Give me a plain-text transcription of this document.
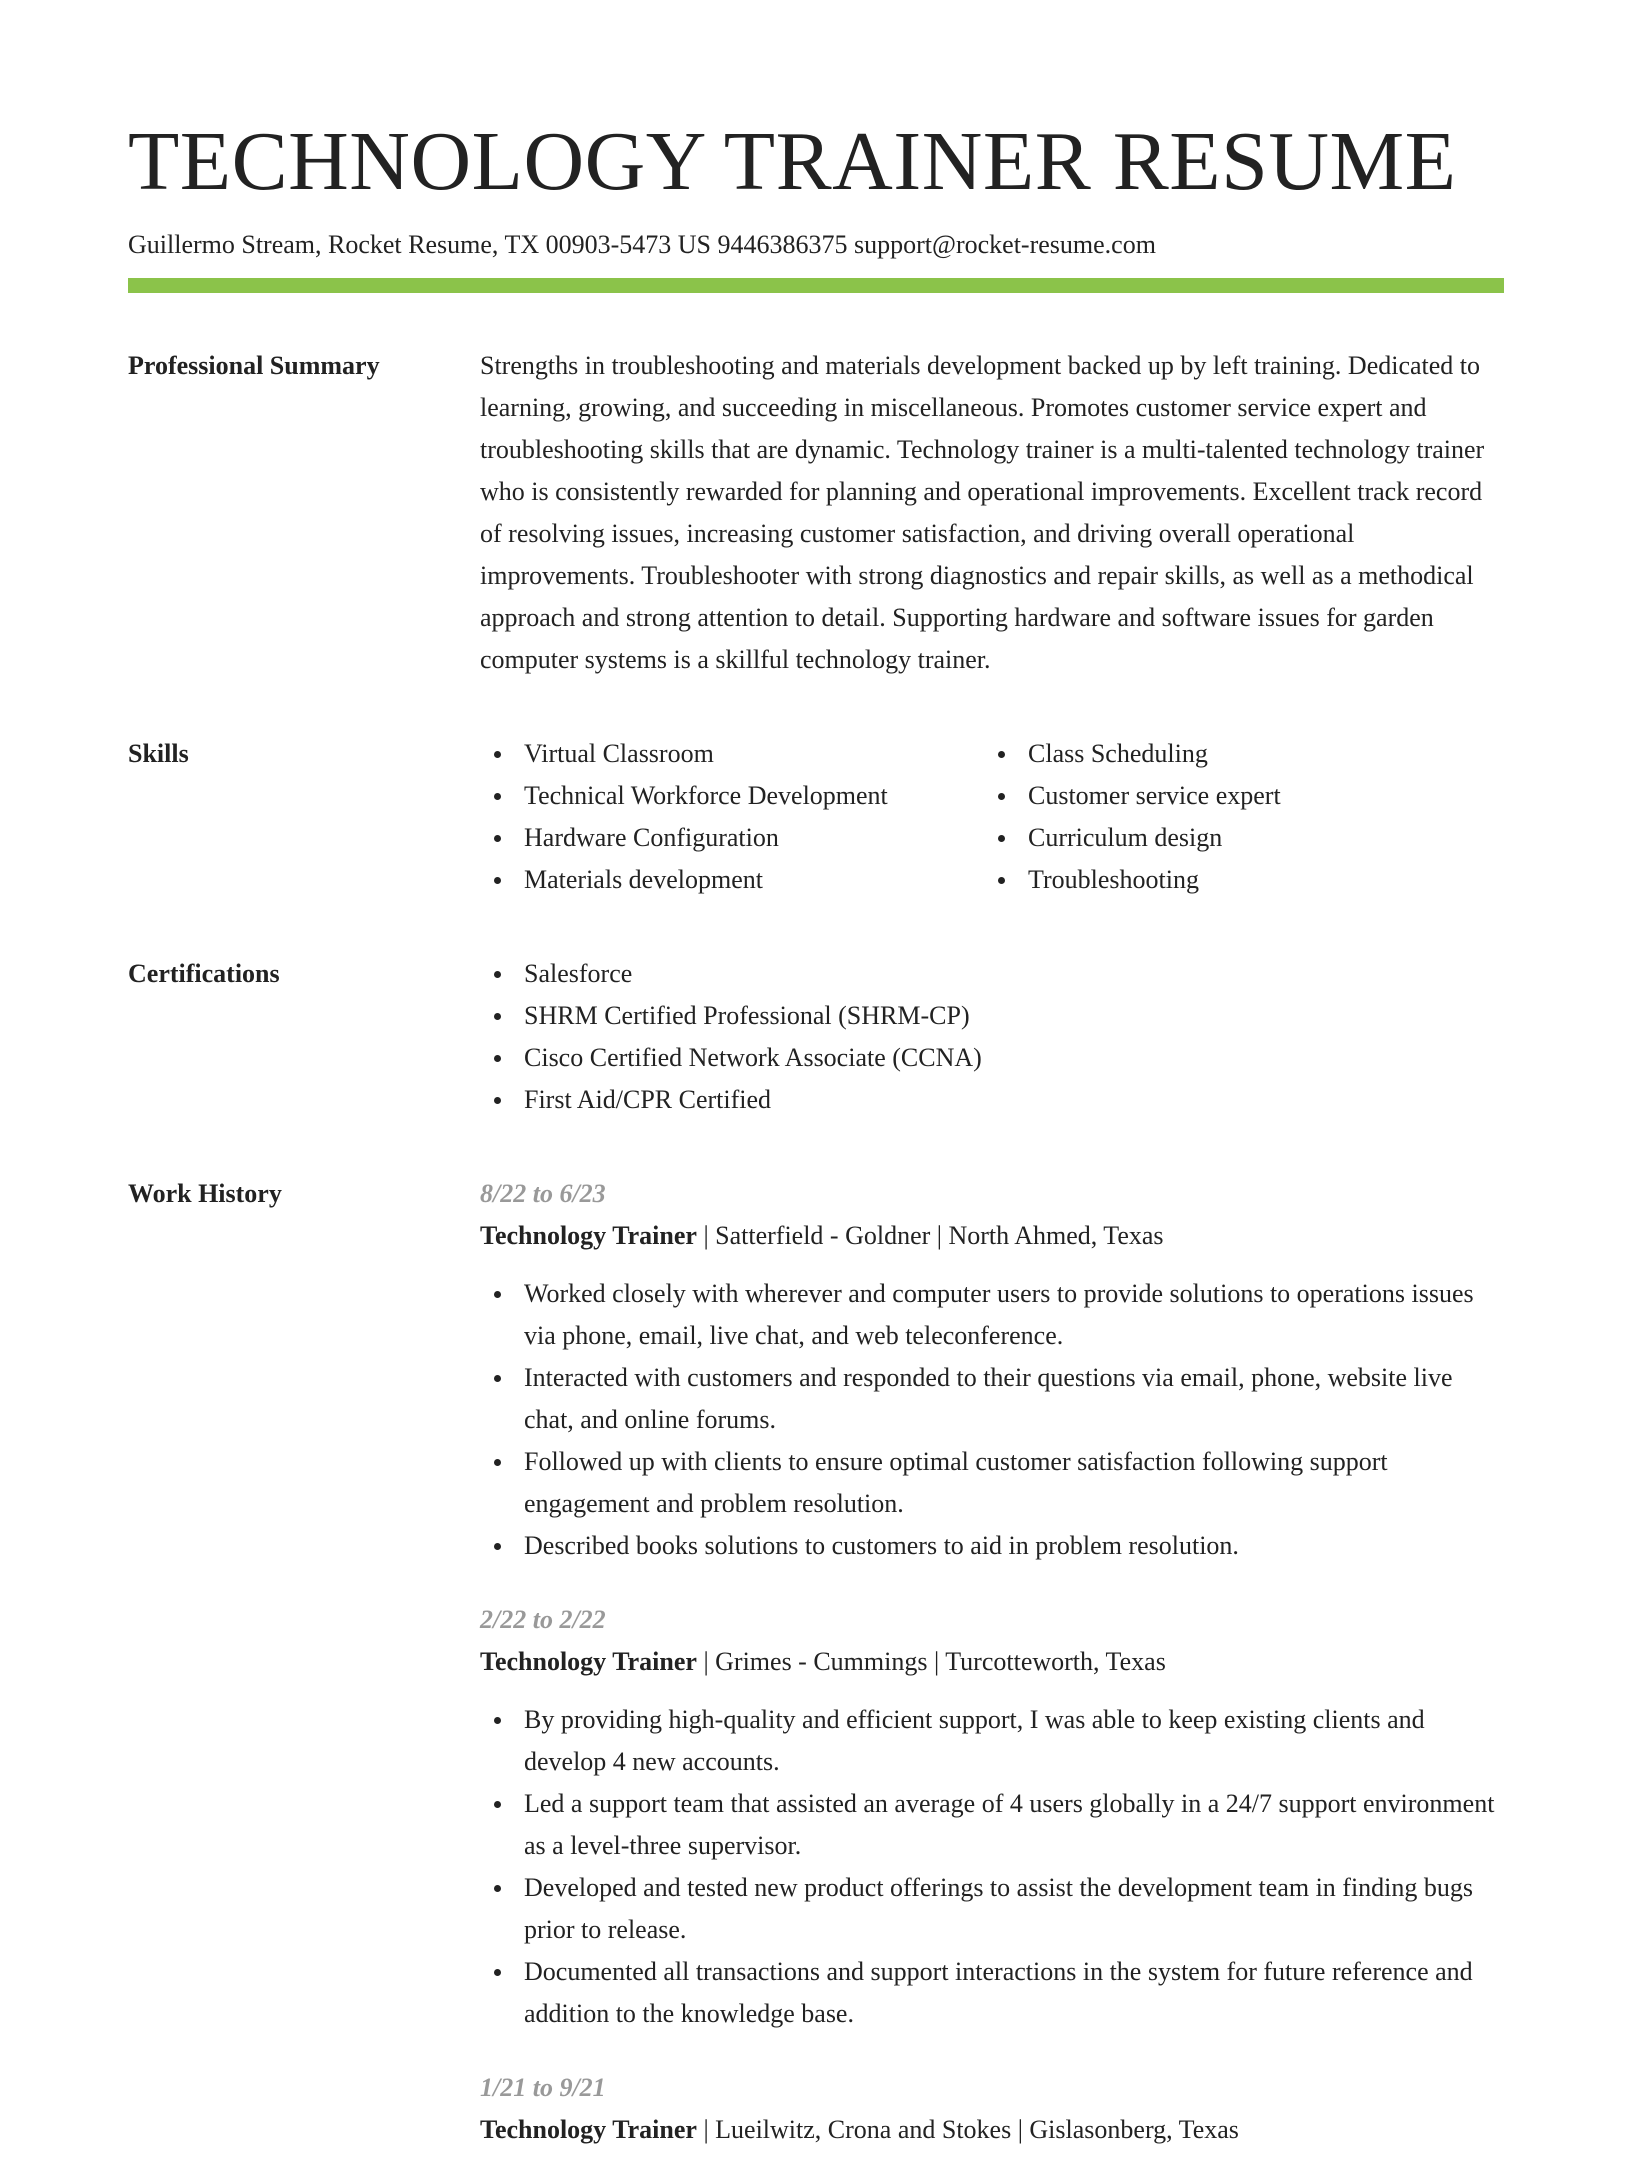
TECHNOLOGY TRAINER RESUME
Guillermo Stream, Rocket Resume, TX 00903-5473 US 9446386375 support@rocket-resume.com
Professional Summary	Strengths in troubleshooting and materials development backed up by left training. Dedicated to learning, growing, and succeeding in miscellaneous. Promotes customer service expert and troubleshooting skills that are dynamic. Technology trainer is a multi-talented technology trainer who is consistently rewarded for planning and operational improvements. Excellent track record of resolving issues, increasing customer satisfaction, and driving overall operational improvements. Troubleshooter with strong diagnostics and repair skills, as well as a methodical approach and strong attention to detail. Supporting hardware and software issues for garden computer systems is a skillful technology trainer.
Skills	Virtual Classroom
Technical Workforce Development
Hardware Configuration
Materials development
Class Scheduling
Customer service expert
Curriculum design
Troubleshooting
Certifications	Salesforce
SHRM Certified Professional (SHRM-CP)
Cisco Certified Network Associate (CCNA)
First Aid/CPR Certified
Work History	8/22 to 6/23
Technology Trainer | Satterfield - Goldner | North Ahmed, Texas
Worked closely with wherever and computer users to provide solutions to operations issues via phone, email, live chat, and web teleconference.
Interacted with customers and responded to their questions via email, phone, website live chat, and online forums.
Followed up with clients to ensure optimal customer satisfaction following support engagement and problem resolution.
Described books solutions to customers to aid in problem resolution.
2/22 to 2/22
Technology Trainer | Grimes - Cummings | Turcotteworth, Texas
By providing high-quality and efficient support, I was able to keep existing clients and develop 4 new accounts.
Led a support team that assisted an average of 4 users globally in a 24/7 support environment as a level-three supervisor.
Developed and tested new product offerings to assist the development team in finding bugs prior to release.
Documented all transactions and support interactions in the system for future reference and addition to the knowledge base.
1/21 to 9/21
Technology Trainer | Lueilwitz, Crona and Stokes | Gislasonberg, Texas
